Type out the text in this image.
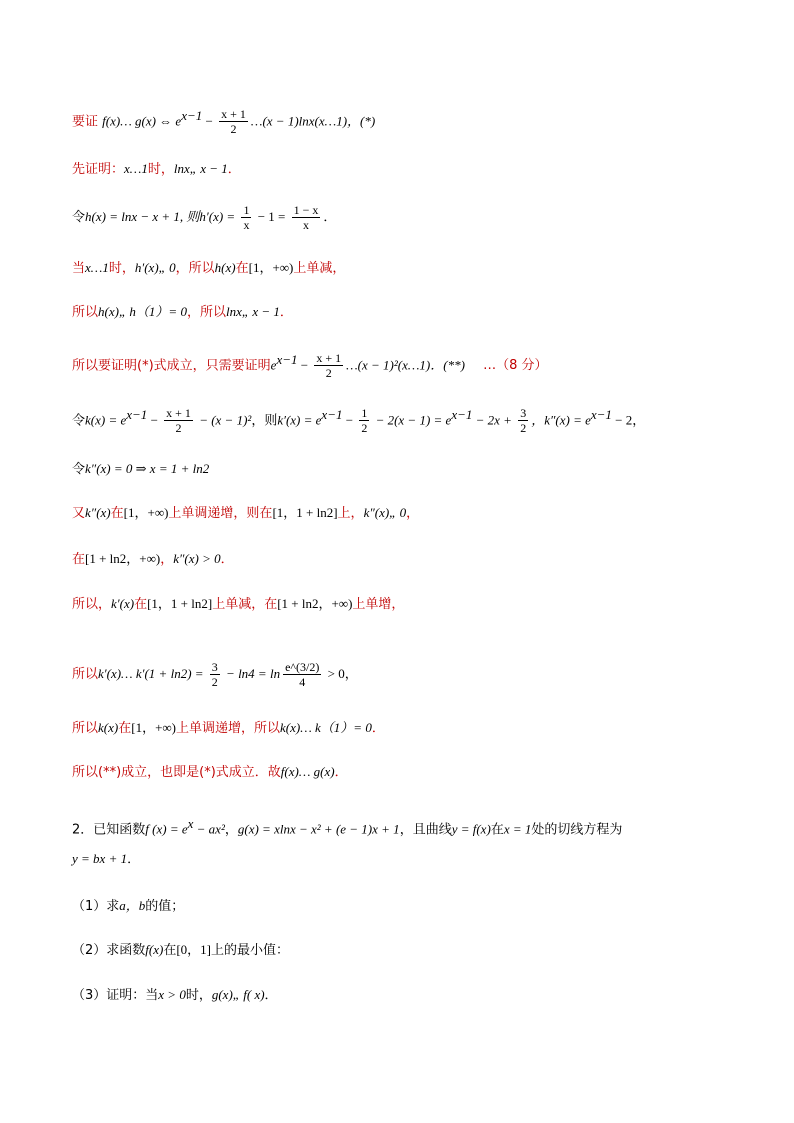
要证 f(x)… g(x) ⇔ $e^{x-1} - \frac{x + 1}{2}$ …(x − 1)lnx(x…1)，(*)
先证明：x…1时，lnx„ x − 1．
令h(x) = lnx − x + 1, 则$h'(x) = \frac{1}{x} - 1 = \frac{1 - x}{x}$ ．
当x…1时，h′(x)„ 0，所以h(x)在[1，+∞)上单减，
所以h(x)„ h（1）= 0，所以lnx„ x − 1．
所以要证明(*)式成立，只需要证明$e^{x-1} - \frac{x + 1}{2}$ …(x − 1)²(x…1)．(**) …（8 分）
令$k(x) = e^{x-1} - \frac{x + 1}{2} - (x - 1)^2$，则$k'(x) = e^{x-1} - \frac{1}{2} - 2(x - 1) = e^{x-1} - 2x + \frac{3}{2}$ ，$k''(x) = e^{x-1} - 2$，
令k″(x) = 0 ⇒ x = 1 + ln2
又k″(x)在[1，+∞)上单调递增，则在[1，1 + ln2]上，k″(x)„ 0，
在[1 + ln2，+∞)，k″(x) > 0．
所以，k′(x)在[1，1 + ln2]上单减，在[1 + ln2，+∞)上单增，
所以k′(x)… $k'(1 + \ln 2) = \frac{3}{2} - \ln 4 = \ln \frac{e\^{}(3/2)}{4} > 0$，
所以k(x)在[1，+∞)上单调递增，所以k(x)… k（1）= 0．
所以(**)成立，也即是(*)式成立．故f(x)… g(x)．
2．已知函数f $(x) = e^x - ax^2$，g(x) = xlnx − x² + (e − 1)x + 1，且曲线y = f(x)在x = 1处的切线方程为
y = bx + 1．
（1）求a，b的值；
（2）求函数f(x)在[0，1]上的最小值：
（3）证明：当x > 0时，g(x)„ f( x)．
